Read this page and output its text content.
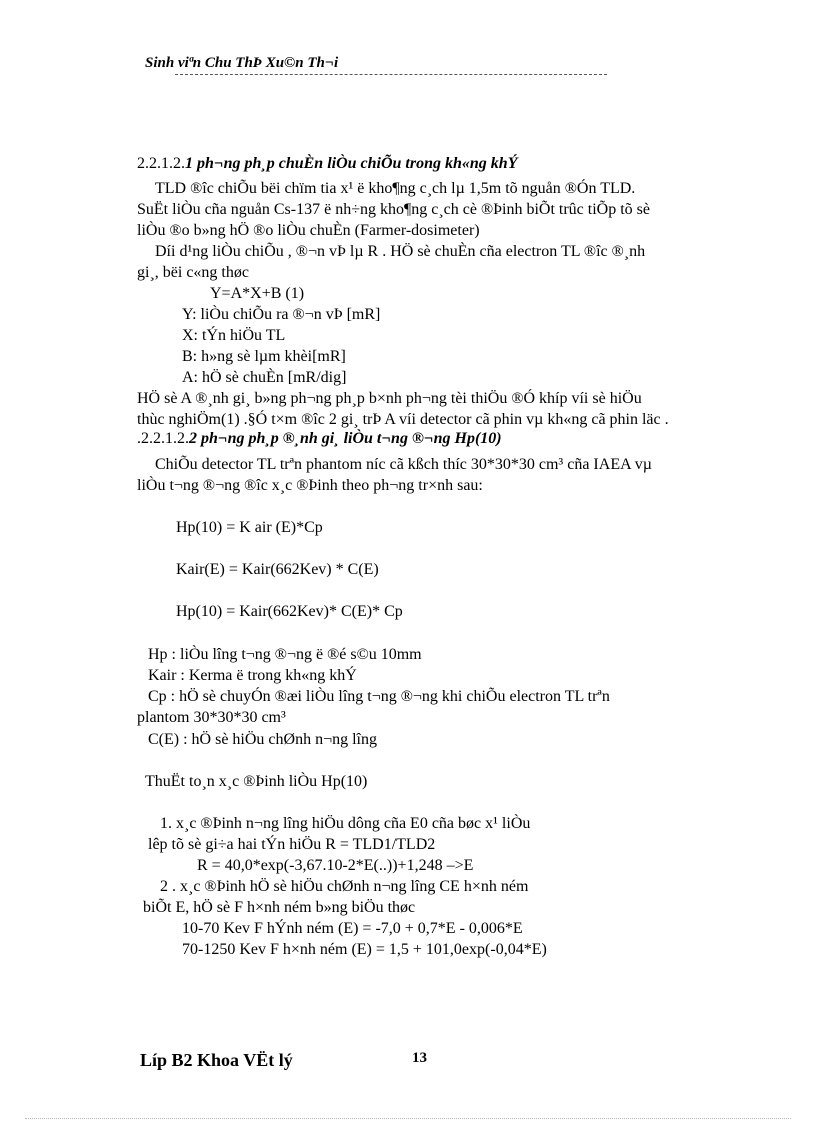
Sinh viªn Chu ThÞ Xu©n Th¬i
2.2.1.2.1 ph¬ng ph¸p chuÈn liÒu chiÕu trong kh«ng khÝ
TLD ®îc chiÕu bëi chïm tia x¹ ë kho¶ng c¸ch lµ 1,5m tõ nguån ®Ón TLD.
SuËt liÒu cña nguån Cs-137 ë nh÷ng kho¶ng c¸ch cè ®Þinh biÕt trûc tiÕp tõ sè
liÒu ®o b»ng hÖ ®o liÒu chuÈn (Farmer-dosimeter)
Díi d¹ng liÒu chiÕu , ®¬n vÞ lµ R . HÖ sè chuÈn cña electron TL ®îc ®¸nh
gi¸, bëi c«ng thøc
Y=A*X+B (1)
Y: liÒu chiÕu ra ®¬n vÞ [mR]
X: tÝn hiÖu TL
B: h»ng sè lµm khèi[mR]
A: hÖ sè chuÈn [mR/dig]
HÖ sè A ®¸nh gi¸ b»ng ph¬ng ph¸p b×nh ph¬ng tèi thiÖu ®Ó khíp víi sè hiÖu
thùc nghiÖm(1) .§Ó t×m ®îc 2 gi¸ trÞ A víi detector cã phin vµ kh«ng cã phin läc .
.2.2.1.2.2 ph¬ng ph¸p ®¸nh gi¸ liÒu t¬ng ®¬ng Hp(10)
ChiÕu detector TL trªn phantom níc cã kßch thíc 30*30*30 cm³ cña IAEA vµ
liÒu t¬ng ®¬ng ®îc x¸c ®Þinh theo ph¬ng tr×nh sau:
Hp(10) = K air (E)*Cp
Kair(E) = Kair(662Kev) * C(E)
Hp(10) = Kair(662Kev)* C(E)* Cp
Hp : liÒu lîng t¬ng ®¬ng ë ®é s©u 10mm
Kair : Kerma ë trong kh«ng khÝ
Cp : hÖ sè chuyÓn ®æi liÒu lîng t¬ng ®¬ng khi chiÕu electron TL trªn
plantom 30*30*30 cm³
C(E) : hÖ sè hiÖu chØnh n¬ng lîng
ThuËt to¸n x¸c ®Þinh liÒu Hp(10)
1. x¸c ®Þinh n¬ng lîng hiÖu dông cña E0 cña bøc x¹ liÒu
lêp tõ sè gi÷a hai tÝn hiÖu R = TLD1/TLD2
R = 40,0*exp(-3,67.10-2*E(..))+1,248 –>E
2 . x¸c ®Þinh hÖ sè hiÖu chØnh n¬ng lîng CE h×nh ném
biÕt E, hÖ sè F h×nh ném b»ng biÖu thøc
10-70 Kev F hÝnh ném (E) = -7,0 + 0,7*E - 0,006*E
70-1250 Kev F h×nh ném (E) = 1,5 + 101,0exp(-0,04*E)
Líp B2 Khoa VËt lý	13
